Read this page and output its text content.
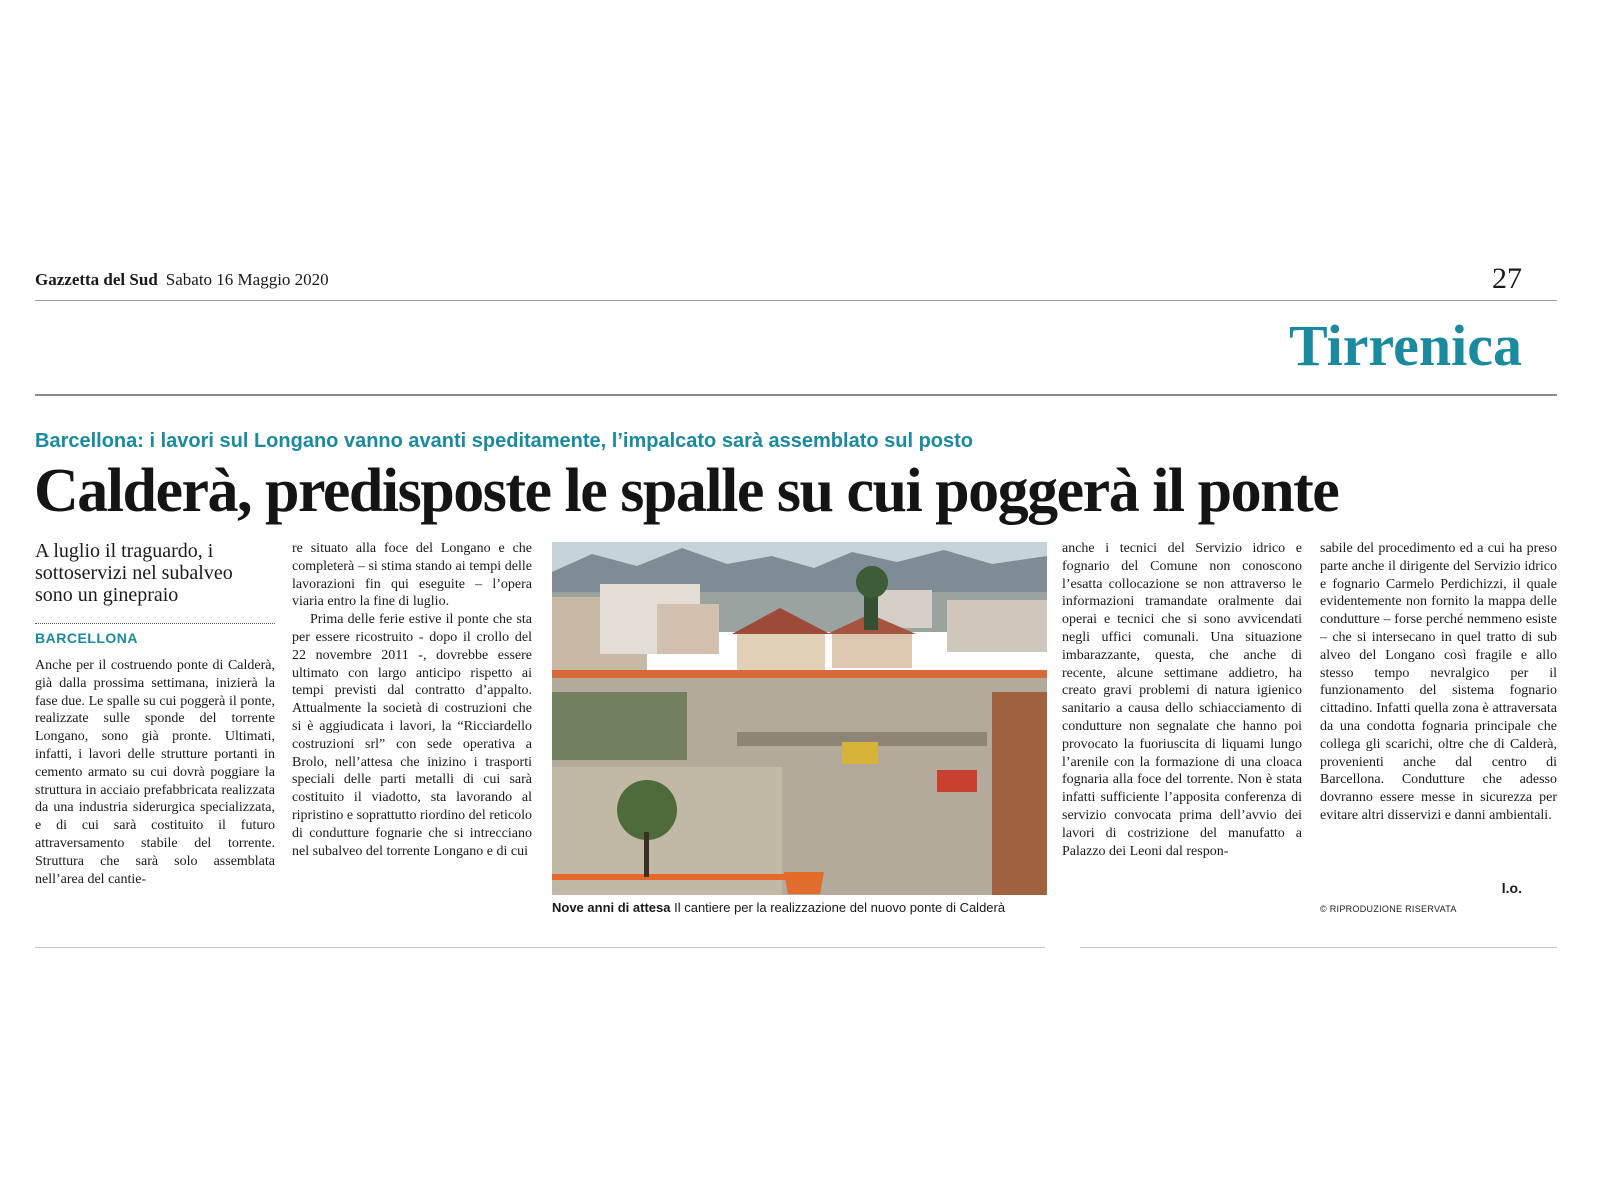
Gazzetta del Sud Sabato 16 Maggio 2020	27
Tirrenica
Barcellona: i lavori sul Longano vanno avanti speditamente, l’impalcato sarà assemblato sul posto
Calderà, predisposte le spalle su cui poggerà il ponte
A luglio il traguardo, i sottoservizi nel subalveo sono un ginepraio
BARCELLONA

Anche per il costruendo ponte di Calderà, già dalla prossima settimana, inizierà la fase due. Le spalle su cui poggerà il ponte, realizzate sulle sponde del torrente Longano, sono già pronte. Ultimati, infatti, i lavori delle strutture portanti in cemento armato su cui dovrà poggiare la struttura in acciaio prefabbricata realizzata da una industria siderurgica specializzata, e di cui sarà costituito il futuro attraversamento stabile del torrente. Struttura che sarà solo assemblata nell’area del cantie-

re situato alla foce del Longano e che completerà – si stima stando ai tempi delle lavorazioni fin qui eseguite – l’opera viaria entro la fine di luglio.

Prima delle ferie estive il ponte che sta per essere ricostruito - dopo il crollo del 22 novembre 2011 -, dovrebbe essere ultimato con largo anticipo rispetto ai tempi previsti dal contratto d’appalto. Attualmente la società di costruzioni che si è aggiudicata i lavori, la “Ricciardello costruzioni srl” con sede operativa a Brolo, nell’attesa che inizino i trasporti speciali delle parti metalli di cui sarà costituito il viadotto, sta lavorando al ripristino e soprattutto riordino del reticolo di condutture fognarie che si intrecciano nel subalveo del torrente Longano e di cui

Nove anni di attesa Il cantiere per la realizzazione del nuovo ponte di Calderà

anche i tecnici del Servizio idrico e fognario del Comune non conoscono l’esatta collocazione se non attraverso le informazioni tramandate oralmente dai operai e tecnici che si sono avvicendati negli uffici comunali. Una situazione imbarazzante, questa, che anche di recente, alcune settimane addietro, ha creato gravi problemi di natura igienico sanitario a causa dello schiacciamento di condutture non segnalate che hanno poi provocato la fuoriuscita di liquami lungo l’arenile con la formazione di una cloaca fognaria alla foce del torrente. Non è stata infatti sufficiente l’apposita conferenza di servizio convocata prima dell’avvio dei lavori di costrizione del manufatto a Palazzo dei Leoni dal respon-

sabile del procedimento ed a cui ha preso parte anche il dirigente del Servizio idrico e fognario Carmelo Perdichizzi, il quale evidentemente non fornito la mappa delle condutture – forse perché nemmeno esiste – che si intersecano in quel tratto di sub alveo del Longano così fragile e allo stesso tempo nevralgico per il funzionamento del sistema fognario cittadino. Infatti quella zona è attraversata da una condotta fognaria principale che collega gli scarichi, oltre che di Calderà, provenienti anche dal centro di Barcellona. Condutture che adesso dovranno essere messe in sicurezza per evitare altri disservizi e danni ambientali.

l.o.
© RIPRODUZIONE RISERVATA
